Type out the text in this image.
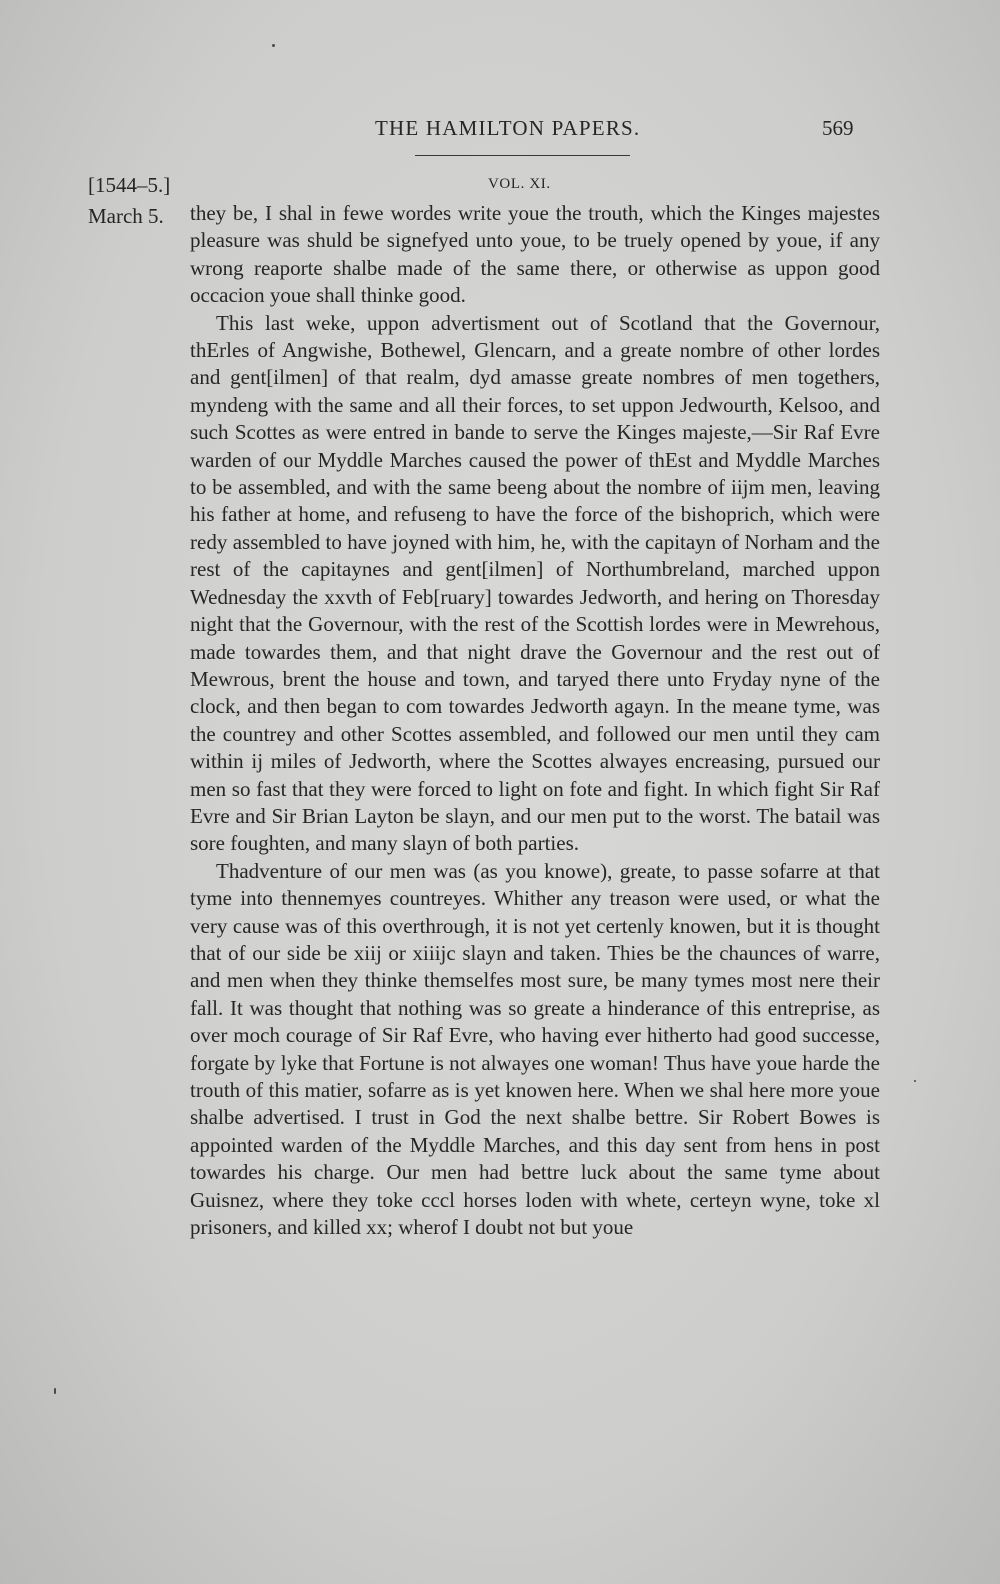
THE HAMILTON PAPERS.	569
[1544–5.]	VOL. XI.
March 5. they be, I shal in fewe wordes write youe the trouth, which the Kinges majestes pleasure was shuld be signefyed unto youe, to be truely opened by youe, if any wrong reaporte shalbe made of the same there, or otherwise as uppon good occacion youe shall thinke good.

This last weke, uppon advertisment out of Scotland that the Governour, thErles of Angwishe, Bothewel, Glencarn, and a greate nombre of other lordes and gent[ilmen] of that realm, dyd amasse greate nombres of men togethers, myndeng with the same and all their forces, to set uppon Jedwourth, Kelsoo, and such Scottes as were entred in bande to serve the Kinges majeste,—Sir Raf Evre warden of our Myddle Marches caused the power of thEst and Myddle Marches to be assembled, and with the same beeng about the nombre of iijm men, leaving his father at home, and refuseng to have the force of the bishoprich, which were redy assembled to have joyned with him, he, with the capitayn of Norham and the rest of the capitaynes and gent[ilmen] of Northumbreland, marched uppon Wednesday the xxvth of Feb[ruary] towardes Jedworth, and hering on Thoresday night that the Governour, with the rest of the Scottish lordes were in Mewrehous, made towardes them, and that night drave the Governour and the rest out of Mewrous, brent the house and town, and taryed there unto Fryday nyne of the clock, and then began to com towardes Jedworth agayn. In the meane tyme, was the countrey and other Scottes assembled, and followed our men until they cam within ij miles of Jedworth, where the Scottes alwayes encreasing, pursued our men so fast that they were forced to light on fote and fight. In which fight Sir Raf Evre and Sir Brian Layton be slayn, and our men put to the worst. The batail was sore foughten, and many slayn of both parties.

Thadventure of our men was (as you knowe), greate, to passe sofarre at that tyme into thennemyes countreyes. Whither any treason were used, or what the very cause was of this overthrough, it is not yet certenly knowen, but it is thought that of our side be xiij or xiiijc slayn and taken. Thies be the chaunces of warre, and men when they thinke themselfes most sure, be many tymes most nere their fall. It was thought that nothing was so greate a hinderance of this entreprise, as over moch courage of Sir Raf Evre, who having ever hitherto had good successe, forgate by lyke that Fortune is not alwayes one woman! Thus have youe harde the trouth of this matier, sofarre as is yet knowen here. When we shal here more youe shalbe advertised. I trust in God the next shalbe bettre. Sir Robert Bowes is appointed warden of the Myddle Marches, and this day sent from hens in post towardes his charge. Our men had bettre luck about the same tyme about Guisnez, where they toke cccl horses loden with whete, certeyn wyne, toke xl prisoners, and killed xx; wherof I doubt not but youe
